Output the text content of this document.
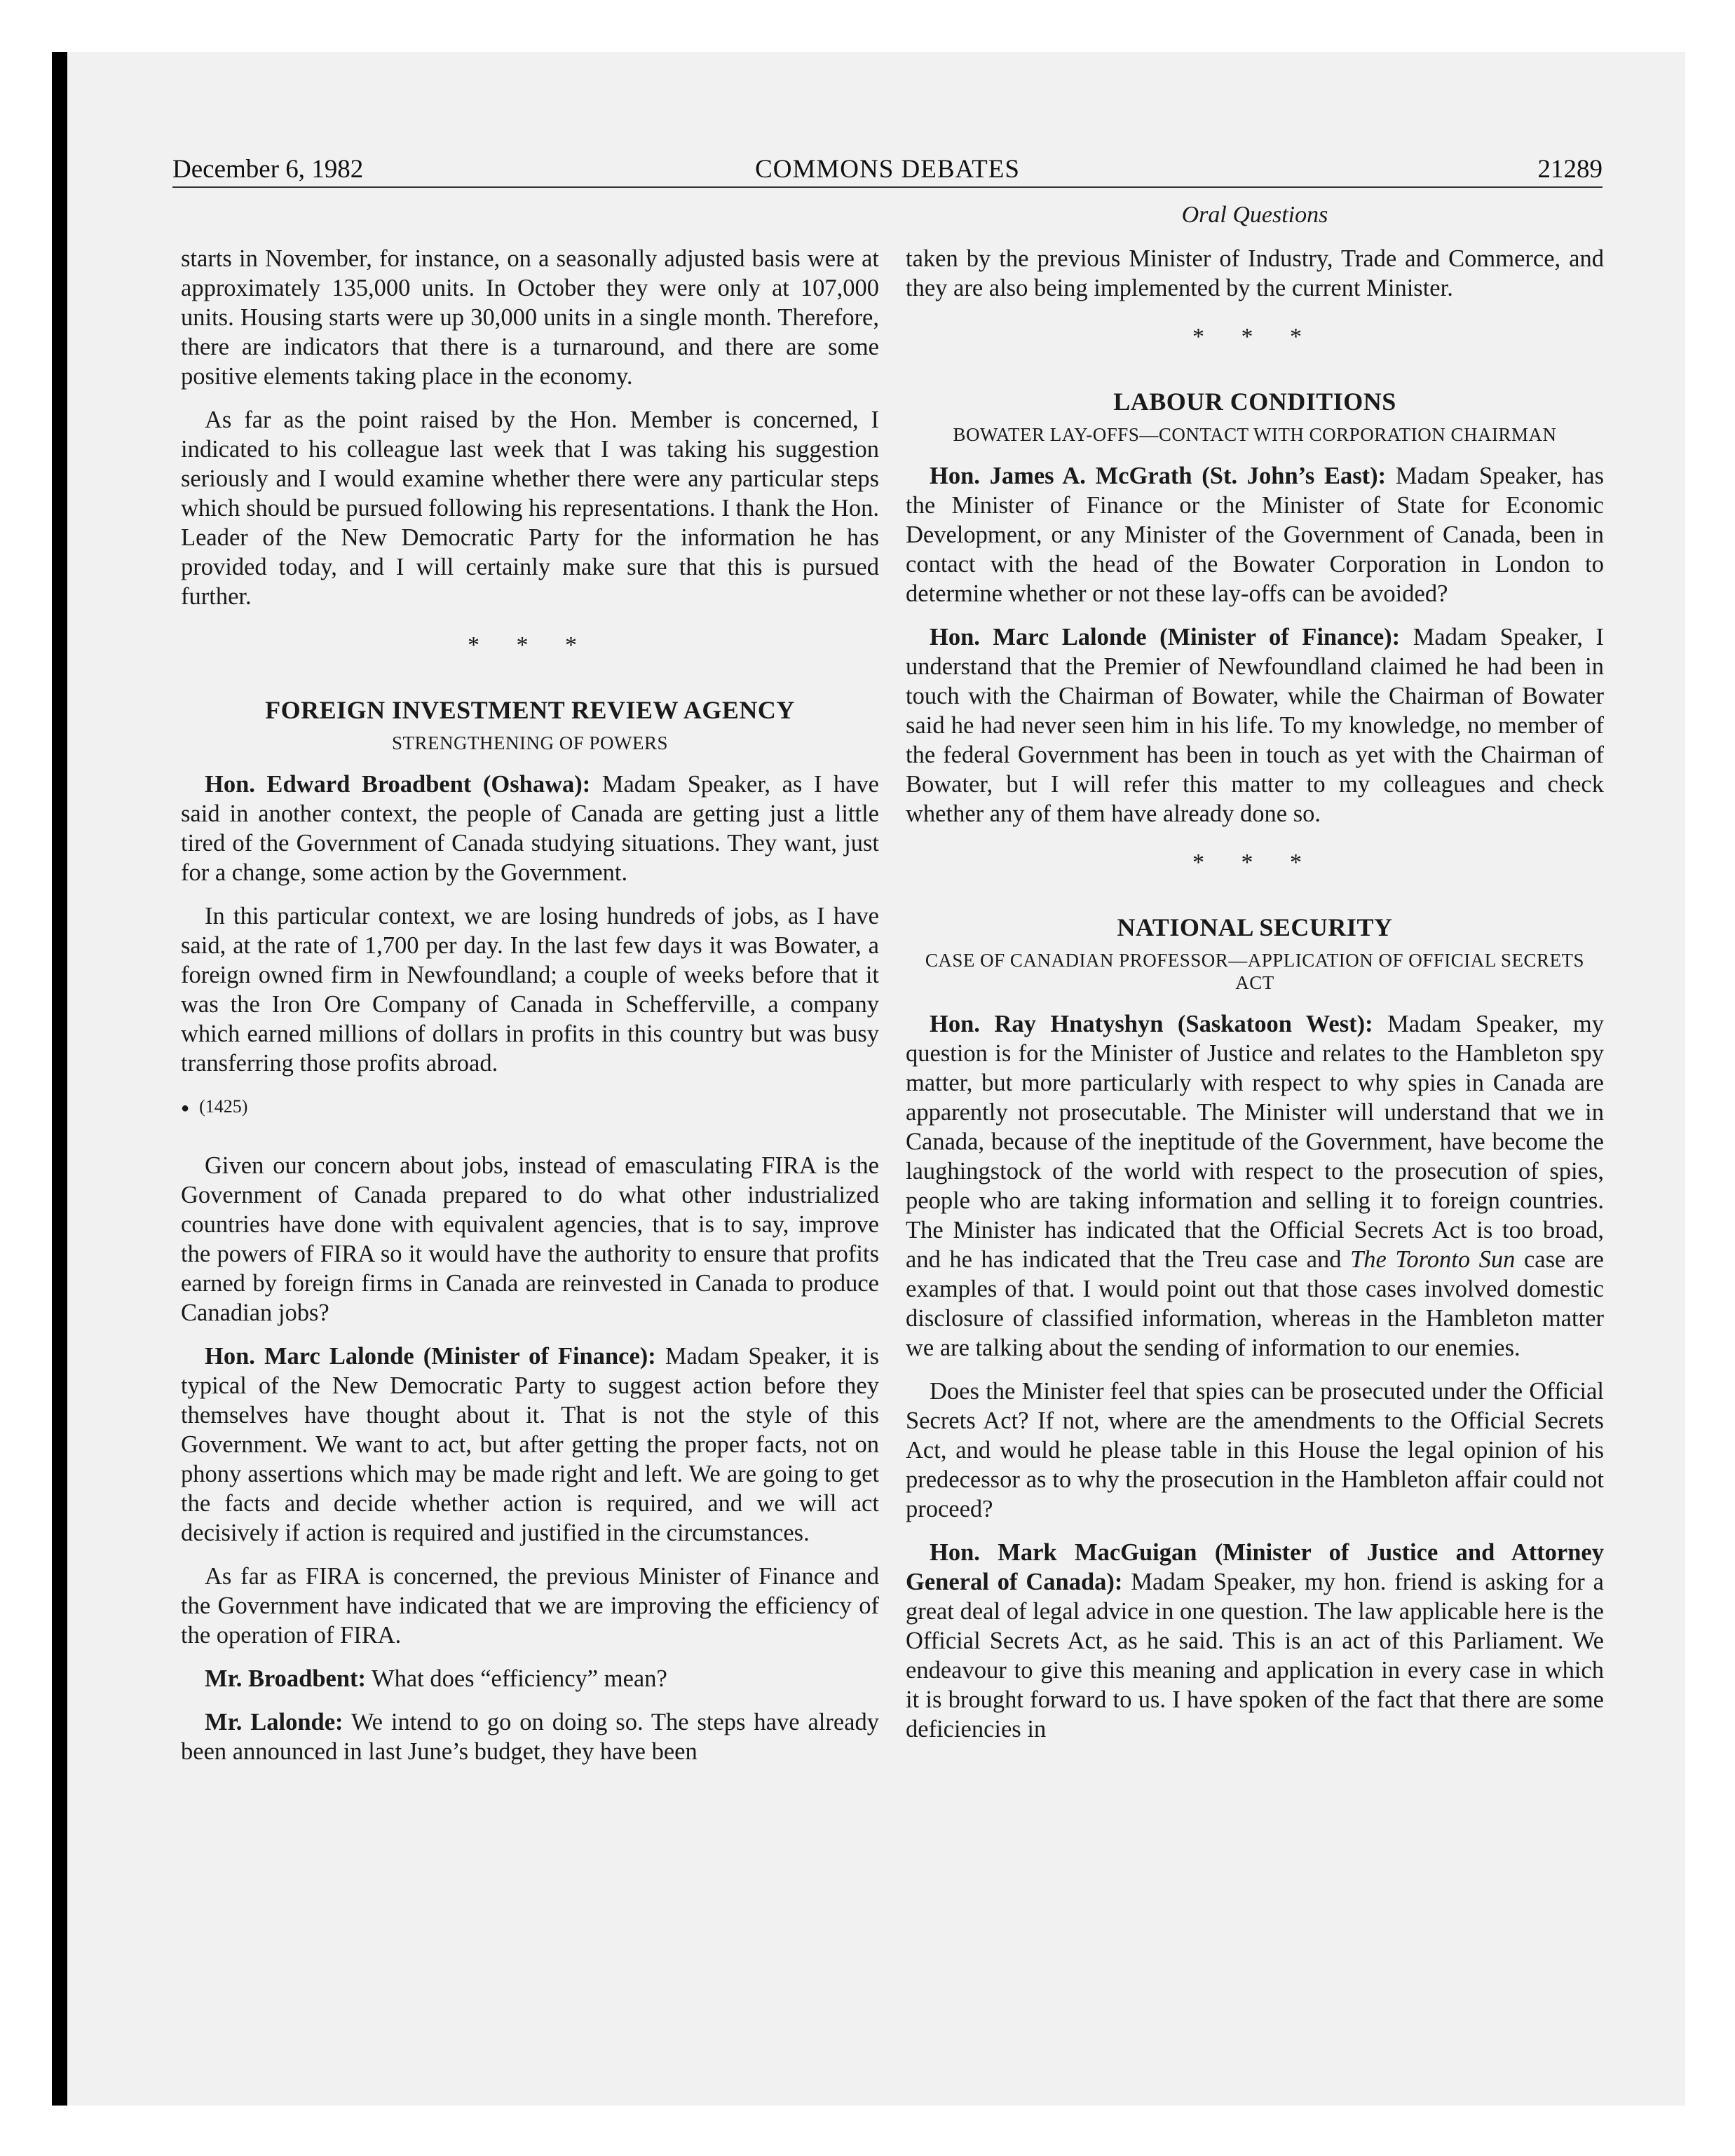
December 6, 1982	COMMONS DEBATES	21289
Oral Questions

starts in November, for instance, on a seasonally adjusted basis were at approximately 135,000 units. In October they were only at 107,000 units. Housing starts were up 30,000 units in a single month. Therefore, there are indicators that there is a turnaround, and there are some positive elements taking place in the economy.

As far as the point raised by the Hon. Member is concerned, I indicated to his colleague last week that I was taking his suggestion seriously and I would examine whether there were any particular steps which should be pursued following his representations. I thank the Hon. Leader of the New Democratic Party for the information he has provided today, and I will certainly make sure that this is pursued further.

* * *
FOREIGN INVESTMENT REVIEW AGENCY
STRENGTHENING OF POWERS

Hon. Edward Broadbent (Oshawa): Madam Speaker, as I have said in another context, the people of Canada are getting just a little tired of the Government of Canada studying situations. They want, just for a change, some action by the Government.

In this particular context, we are losing hundreds of jobs, as I have said, at the rate of 1,700 per day. In the last few days it was Bowater, a foreign owned firm in Newfoundland; a couple of weeks before that it was the Iron Ore Company of Canada in Schefferville, a company which earned millions of dollars in profits in this country but was busy transferring those profits abroad.

● (1425)

Given our concern about jobs, instead of emasculating FIRA is the Government of Canada prepared to do what other industrialized countries have done with equivalent agencies, that is to say, improve the powers of FIRA so it would have the authority to ensure that profits earned by foreign firms in Canada are reinvested in Canada to produce Canadian jobs?

Hon. Marc Lalonde (Minister of Finance): Madam Speaker, it is typical of the New Democratic Party to suggest action before they themselves have thought about it. That is not the style of this Government. We want to act, but after getting the proper facts, not on phony assertions which may be made right and left. We are going to get the facts and decide whether action is required, and we will act decisively if action is required and justified in the circumstances.

As far as FIRA is concerned, the previous Minister of Finance and the Government have indicated that we are improving the efficiency of the operation of FIRA.

Mr. Broadbent: What does “efficiency” mean?

Mr. Lalonde: We intend to go on doing so. The steps have already been announced in last June’s budget, they have been

taken by the previous Minister of Industry, Trade and Commerce, and they are also being implemented by the current Minister.

* * *
LABOUR CONDITIONS
BOWATER LAY-OFFS—CONTACT WITH CORPORATION CHAIRMAN

Hon. James A. McGrath (St. John’s East): Madam Speaker, has the Minister of Finance or the Minister of State for Economic Development, or any Minister of the Government of Canada, been in contact with the head of the Bowater Corporation in London to determine whether or not these lay-offs can be avoided?

Hon. Marc Lalonde (Minister of Finance): Madam Speaker, I understand that the Premier of Newfoundland claimed he had been in touch with the Chairman of Bowater, while the Chairman of Bowater said he had never seen him in his life. To my knowledge, no member of the federal Government has been in touch as yet with the Chairman of Bowater, but I will refer this matter to my colleagues and check whether any of them have already done so.

* * *
NATIONAL SECURITY
CASE OF CANADIAN PROFESSOR—APPLICATION OF OFFICIAL SECRETS ACT

Hon. Ray Hnatyshyn (Saskatoon West): Madam Speaker, my question is for the Minister of Justice and relates to the Hambleton spy matter, but more particularly with respect to why spies in Canada are apparently not prosecutable. The Minister will understand that we in Canada, because of the ineptitude of the Government, have become the laughingstock of the world with respect to the prosecution of spies, people who are taking information and selling it to foreign countries. The Minister has indicated that the Official Secrets Act is too broad, and he has indicated that the Treu case and The Toronto Sun case are examples of that. I would point out that those cases involved domestic disclosure of classified information, whereas in the Hambleton matter we are talking about the sending of information to our enemies.

Does the Minister feel that spies can be prosecuted under the Official Secrets Act? If not, where are the amendments to the Official Secrets Act, and would he please table in this House the legal opinion of his predecessor as to why the prosecution in the Hambleton affair could not proceed?

Hon. Mark MacGuigan (Minister of Justice and Attorney General of Canada): Madam Speaker, my hon. friend is asking for a great deal of legal advice in one question. The law applicable here is the Official Secrets Act, as he said. This is an act of this Parliament. We endeavour to give this meaning and application in every case in which it is brought forward to us. I have spoken of the fact that there are some deficiencies in
